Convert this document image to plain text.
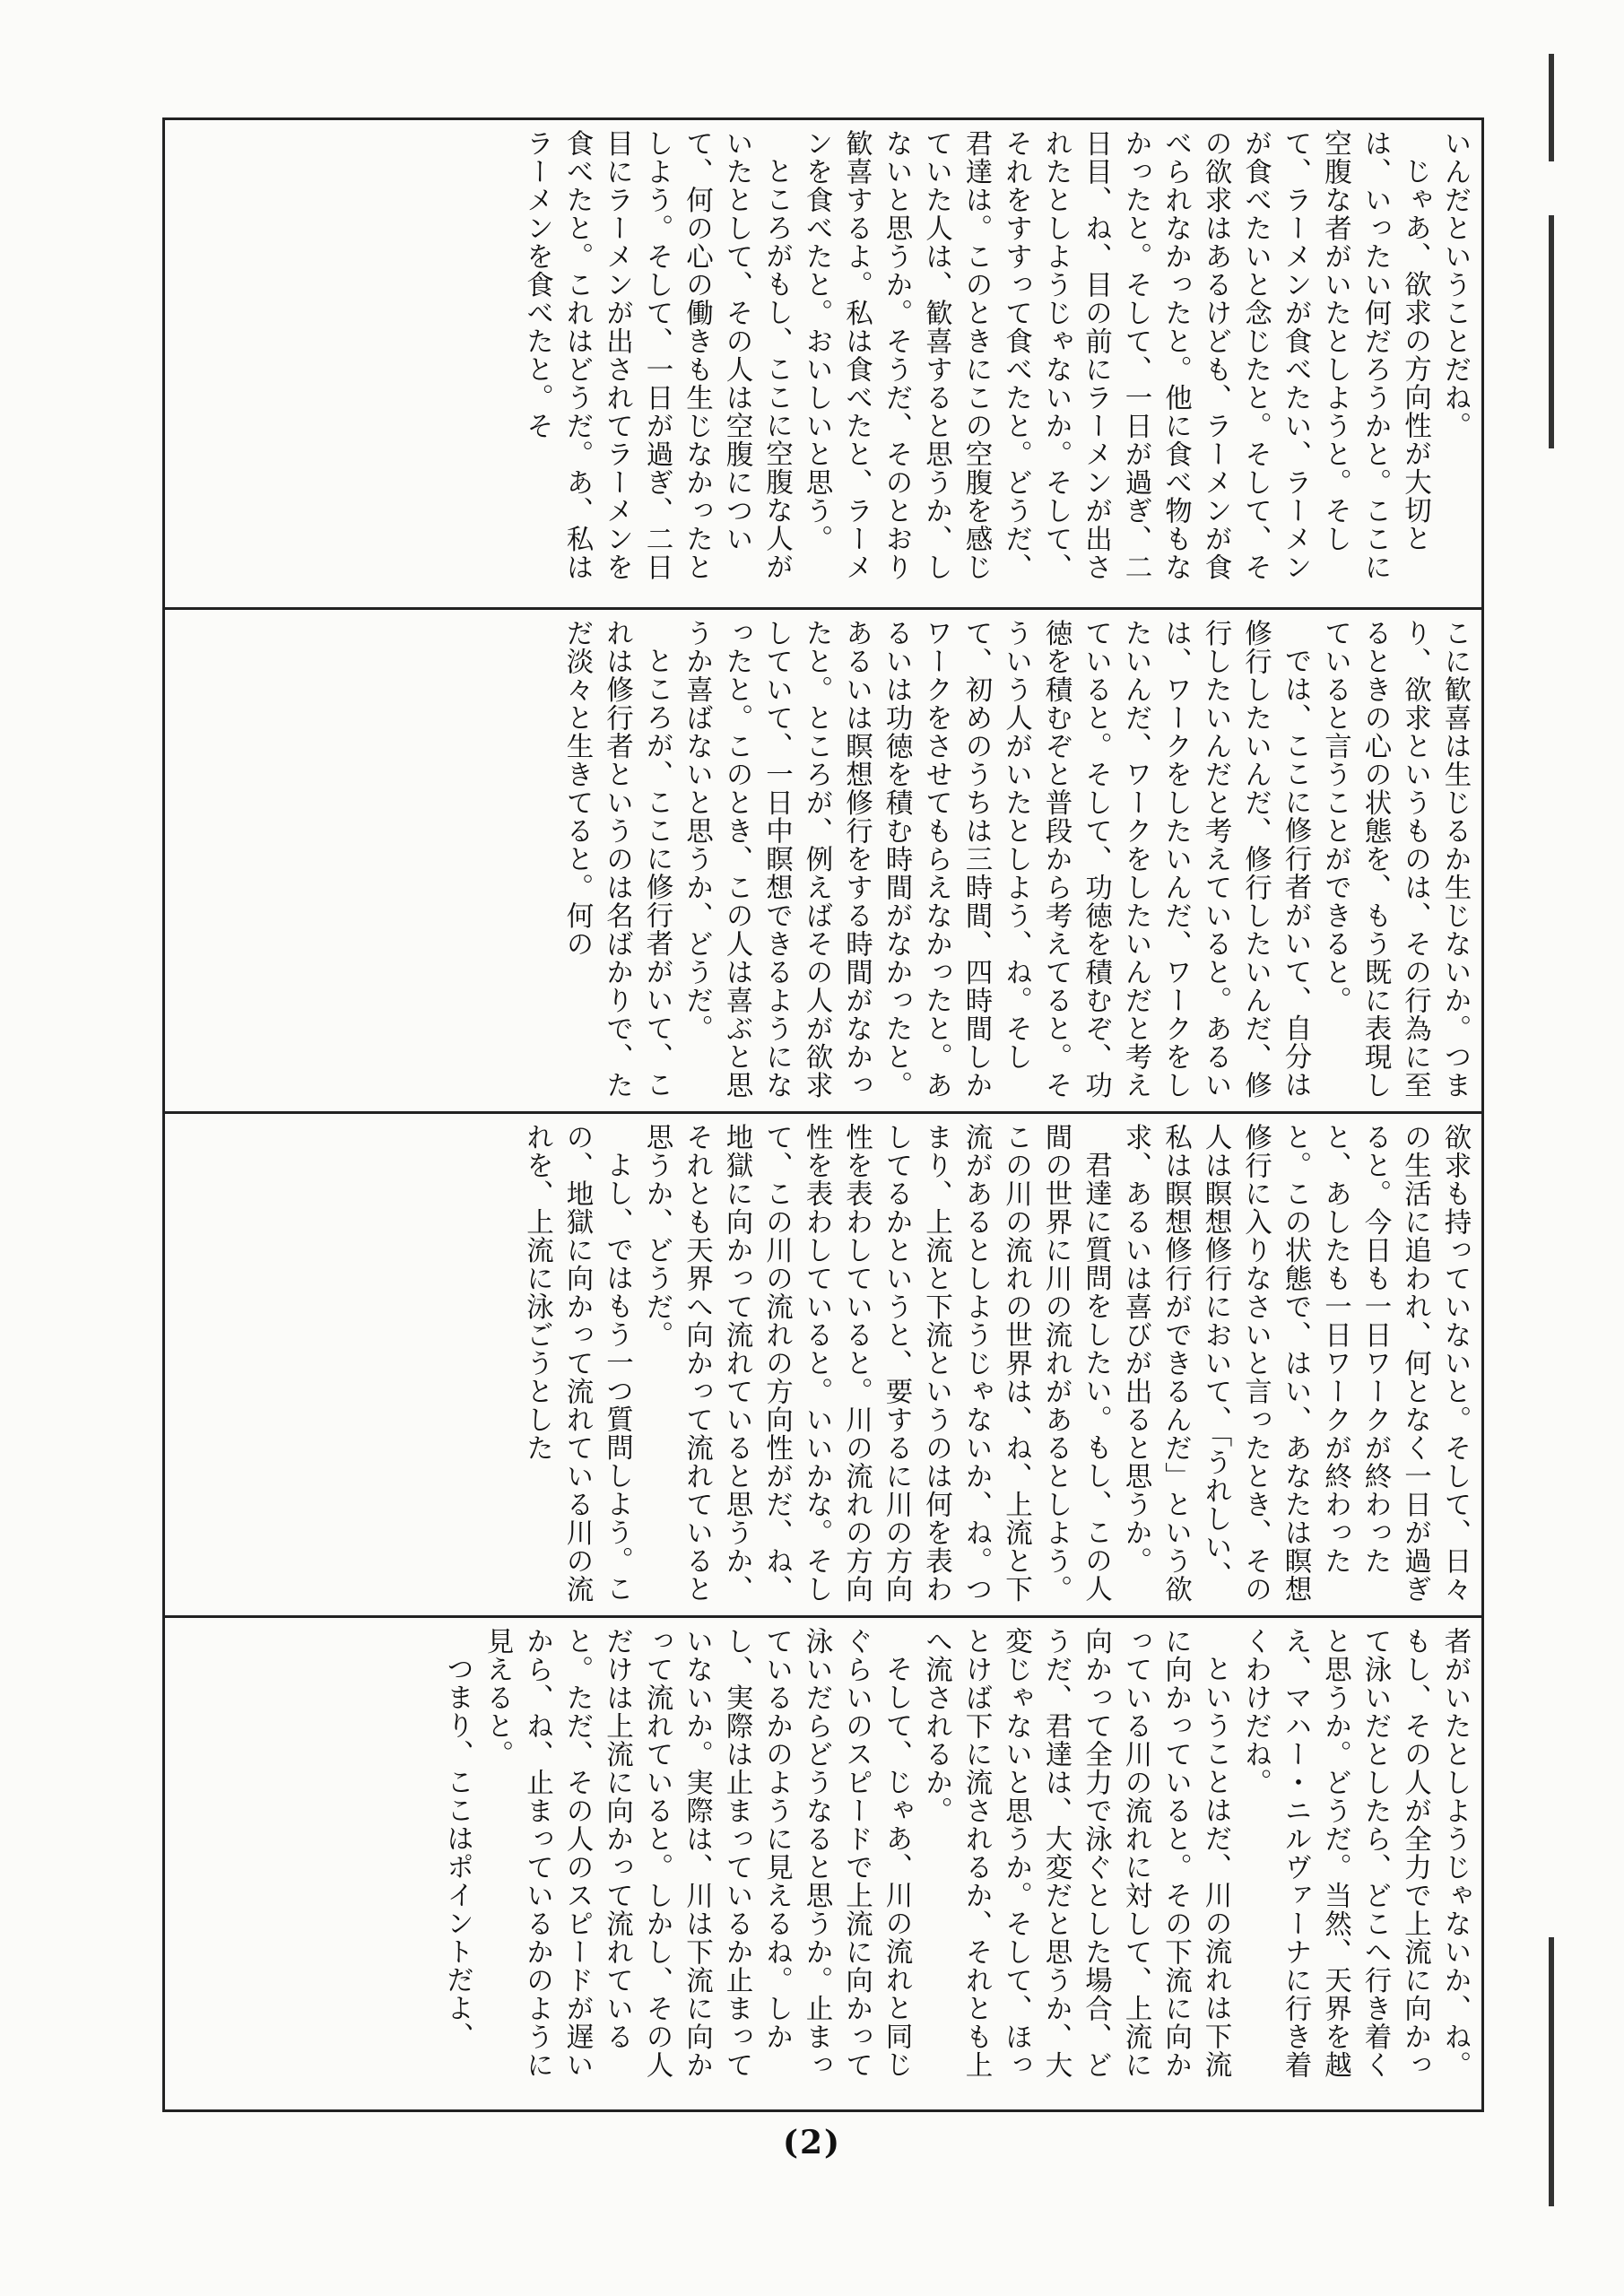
いんだということだね。

じゃあ、欲求の方向性が大切とは、いったい何だろうかと。ここに空腹な者がいたとしようと。そして、ラーメンが食べたい、ラーメンが食べたいと念じたと。そして、その欲求はあるけども、ラーメンが食べられなかったと。他に食べ物もなかったと。そして、一日が過ぎ、二日目、ね、目の前にラーメンが出されたとしようじゃないか。そして、それをすすって食べたと。どうだ、君達は。このときにこの空腹を感じていた人は、歓喜すると思うか、しないと思うか。そうだ、そのとおり歓喜するよ。私は食べたと、ラーメンを食べたと。おいしいと思う。

ところがもし、ここに空腹な人がいたとして、その人は空腹について、何の心の働きも生じなかったとしよう。そして、一日が過ぎ、二日目にラーメンが出されてラーメンを食べたと。これはどうだ。あ、私はラーメンを食べたと。そ

こに歓喜は生じるか生じないか。つまり、欲求というものは、その行為に至るときの心の状態を、もう既に表現していると言うことができると。

では、ここに修行者がいて、自分は修行したいんだ、修行したいんだ、修行したいんだと考えていると。あるいは、ワークをしたいんだ、ワークをしたいんだ、ワークをしたいんだと考えていると。そして、功徳を積むぞ、功徳を積むぞと普段から考えてると。そういう人がいたとしよう、ね。そして、初めのうちは三時間、四時間しかワークをさせてもらえなかったと。あるいは功徳を積む時間がなかったと。あるいは瞑想修行をする時間がなかったと。ところが、例えばその人が欲求していて、一日中瞑想できるようになったと。このとき、この人は喜ぶと思うか喜ばないと思うか、どうだ。

ところが、ここに修行者がいて、これは修行者というのは名ばかりで、ただ淡々と生きてると。何の

欲求も持っていないと。そして、日々の生活に追われ、何となく一日が過ぎると。今日も一日ワークが終わったと、あしたも一日ワークが終わったと。この状態で、はい、あなたは瞑想修行に入りなさいと言ったとき、その人は瞑想修行において、「うれしい、私は瞑想修行ができるんだ」という欲求、あるいは喜びが出ると思うか。

君達に質問をしたい。もし、この人間の世界に川の流れがあるとしよう。この川の流れの世界は、ね、上流と下流があるとしようじゃないか、ね。つまり、上流と下流というのは何を表わしてるかというと、要するに川の方向性を表わしていると。川の流れの方向性を表わしていると。いいかな。そして、この川の流れの方向性がだ、ね、地獄に向かって流れていると思うか、それとも天界へ向かって流れていると思うか、どうだ。

よし、ではもう一つ質問しよう。この、地獄に向かって流れている川の流れを、上流に泳ごうとした

者がいたとしようじゃないか、ね。もし、その人が全力で上流に向かって泳いだとしたら、どこへ行き着くと思うか。どうだ。当然、天界を越え、マハー・ニルヴァーナに行き着くわけだね。

ということはだ、川の流れは下流に向かっていると。その下流に向かっている川の流れに対して、上流に向かって全力で泳ぐとした場合、どうだ、君達は、大変だと思うか、大変じゃないと思うか。そして、ほっとけば下に流されるか、それとも上へ流されるか。

そして、じゃあ、川の流れと同じぐらいのスピードで上流に向かって泳いだらどうなると思うか。止まっているかのように見えるね。しかし、実際は止まっているか止まっていないか。実際は、川は下流に向かって流れていると。しかし、その人だけは上流に向かって流れていると。ただ、その人のスピードが遅いから、ね、止まっているかのように見えると。

つまり、ここはポイントだよ、

(2)
